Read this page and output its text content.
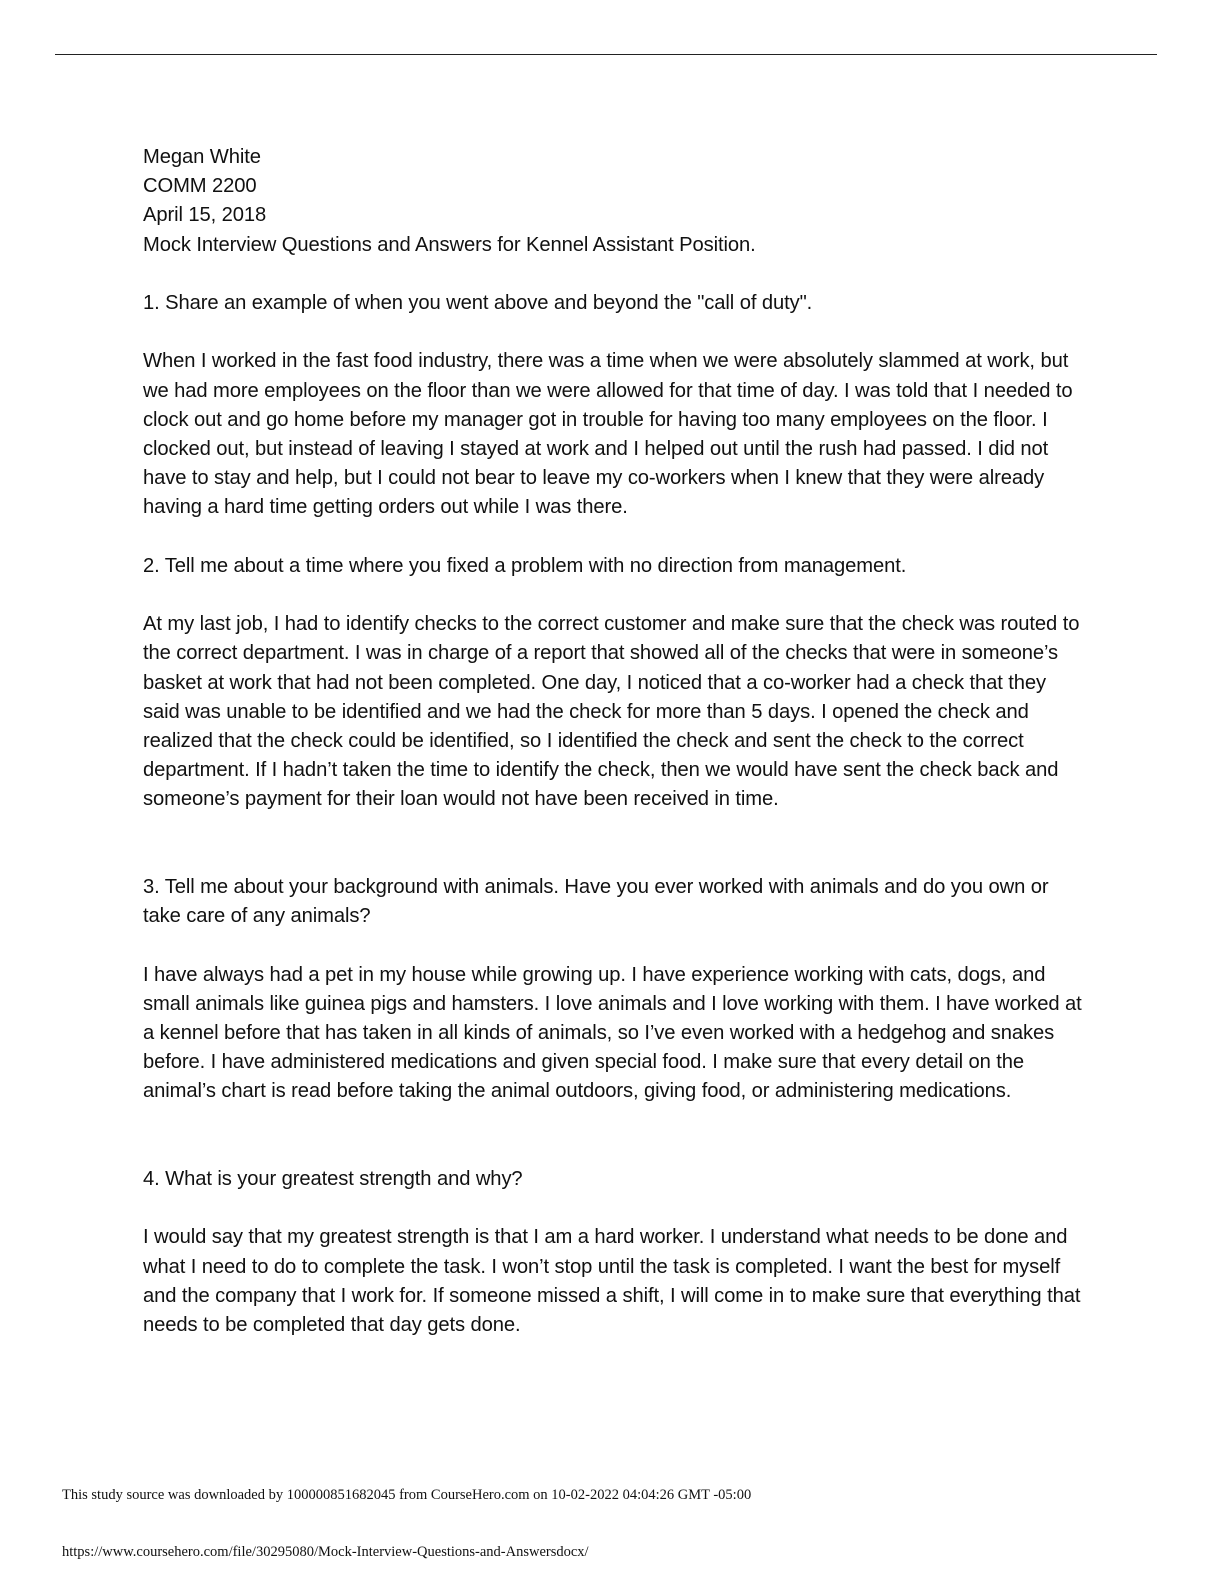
Megan White

COMM 2200

April 15, 2018

Mock Interview Questions and Answers for Kennel Assistant Position.

1. Share an example of when you went above and beyond the "call of duty".

When I worked in the fast food industry, there was a time when we were absolutely slammed at work, but we had more employees on the floor than we were allowed for that time of day. I was told that I needed to clock out and go home before my manager got in trouble for having too many employees on the floor. I clocked out, but instead of leaving I stayed at work and I helped out until the rush had passed. I did not have to stay and help, but I could not bear to leave my co-workers when I knew that they were already having a hard time getting orders out while I was there.

2. Tell me about a time where you fixed a problem with no direction from management.

At my last job, I had to identify checks to the correct customer and make sure that the check was routed to the correct department. I was in charge of a report that showed all of the checks that were in someone’s basket at work that had not been completed. One day, I noticed that a co-worker had a check that they said was unable to be identified and we had the check for more than 5 days. I opened the check and realized that the check could be identified, so I identified the check and sent the check to the correct department. If I hadn’t taken the time to identify the check, then we would have sent the check back and someone’s payment for their loan would not have been received in time.

3. Tell me about your background with animals. Have you ever worked with animals and do you own or take care of any animals?

I have always had a pet in my house while growing up. I have experience working with cats, dogs, and small animals like guinea pigs and hamsters. I love animals and I love working with them. I have worked at a kennel before that has taken in all kinds of animals, so I’ve even worked with a hedgehog and snakes before. I have administered medications and given special food. I make sure that every detail on the animal’s chart is read before taking the animal outdoors, giving food, or administering medications.

4. What is your greatest strength and why?

I would say that my greatest strength is that I am a hard worker. I understand what needs to be done and what I need to do to complete the task. I won’t stop until the task is completed. I want the best for myself and the company that I work for. If someone missed a shift, I will come in to make sure that everything that needs to be completed that day gets done.

This study source was downloaded by 100000851682045 from CourseHero.com on 10-02-2022 04:04:26 GMT -05:00
https://www.coursehero.com/file/30295080/Mock-Interview-Questions-and-Answersdocx/
